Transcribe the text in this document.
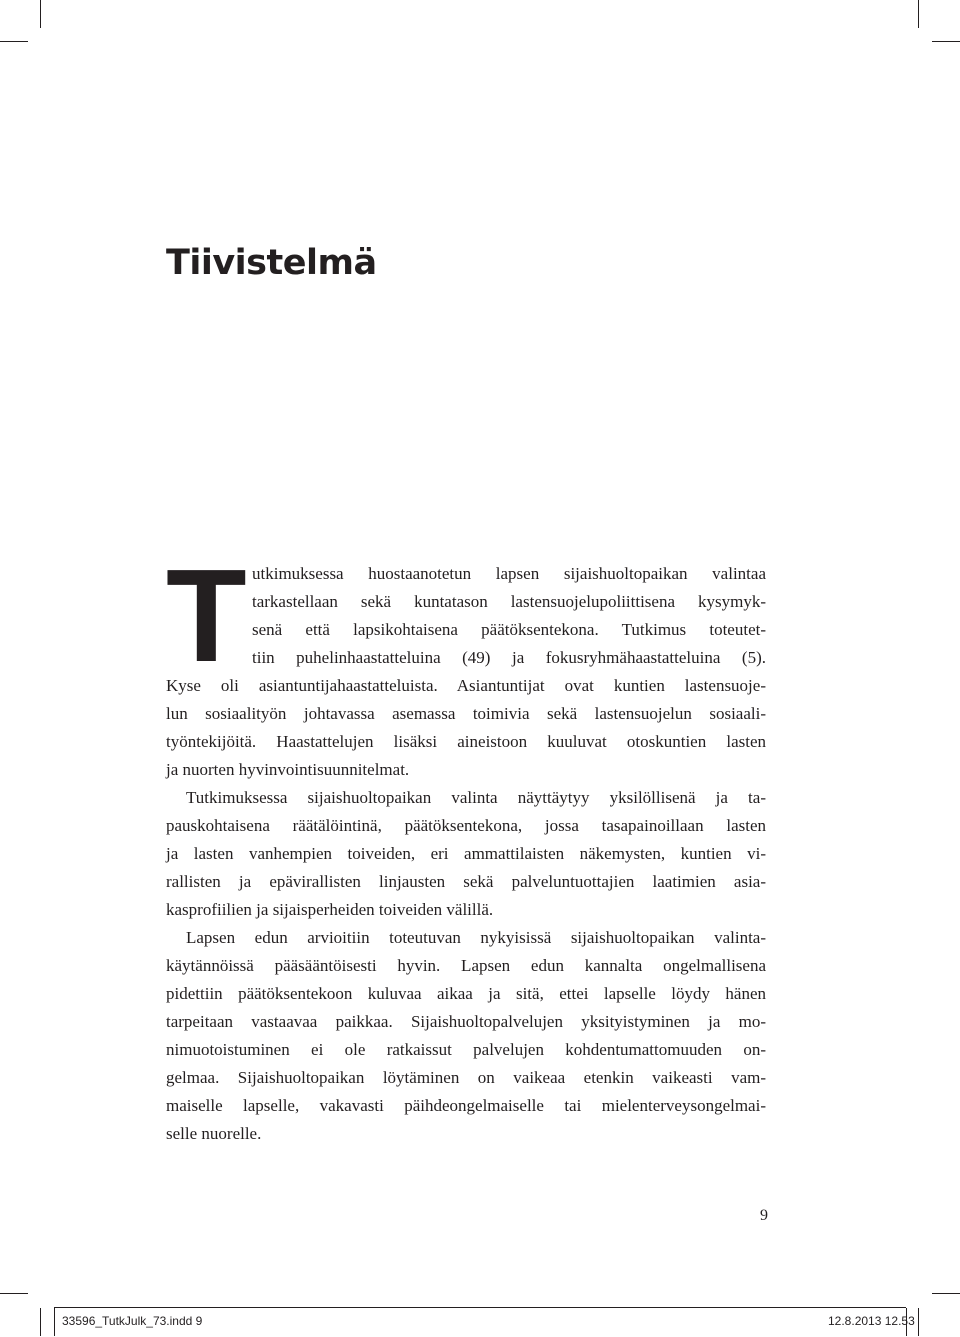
Tiivistelmä
T utkimuksessa huostaanotetun lapsen sijaishuoltopaikan valintaa
tarkastellaan sekä kuntatason lastensuojelupoliittisena kysymyk-
senä että lapsikohtaisena päätöksentekona. Tutkimus toteutet-
tiin puhelinhaastatteluina (49) ja fokusryhmähaastatteluina (5).
Kyse oli asiantuntijahaastatteluista. Asiantuntijat ovat kuntien lastensuoje-
lun sosiaalityön johtavassa asemassa toimivia sekä lastensuojelun sosiaali-
työntekijöitä. Haastattelujen lisäksi aineistoon kuuluvat otoskuntien lasten
ja nuorten hyvinvointisuunnitelmat.
Tutkimuksessa sijaishuoltopaikan valinta näyttäytyy yksilöllisenä ja ta-
pauskohtaisena räätälöintinä, päätöksentekona, jossa tasapainoillaan lasten
ja lasten vanhempien toiveiden, eri ammattilaisten näkemysten, kuntien vi-
rallisten ja epävirallisten linjausten sekä palveluntuottajien laatimien asia-
kasprofiilien ja sijaisperheiden toiveiden välillä.
Lapsen edun arvioitiin toteutuvan nykyisissä sijaishuoltopaikan valinta-
käytännöissä pääsääntöisesti hyvin. Lapsen edun kannalta ongelmallisena
pidettiin päätöksentekoon kuluvaa aikaa ja sitä, ettei lapselle löydy hänen
tarpeitaan vastaavaa paikkaa. Sijaishuoltopalvelujen yksityistyminen ja mo-
nimuotoistuminen ei ole ratkaissut palvelujen kohdentumattomuuden on-
gelmaa. Sijaishuoltopaikan löytäminen on vaikeaa etenkin vaikeasti vam-
maiselle lapselle, vakavasti päihdeongelmaiselle tai mielenterveysongelmai-
selle nuorelle.
9
33596_TutkJulk_73.indd 9	12.8.2013 12.53
